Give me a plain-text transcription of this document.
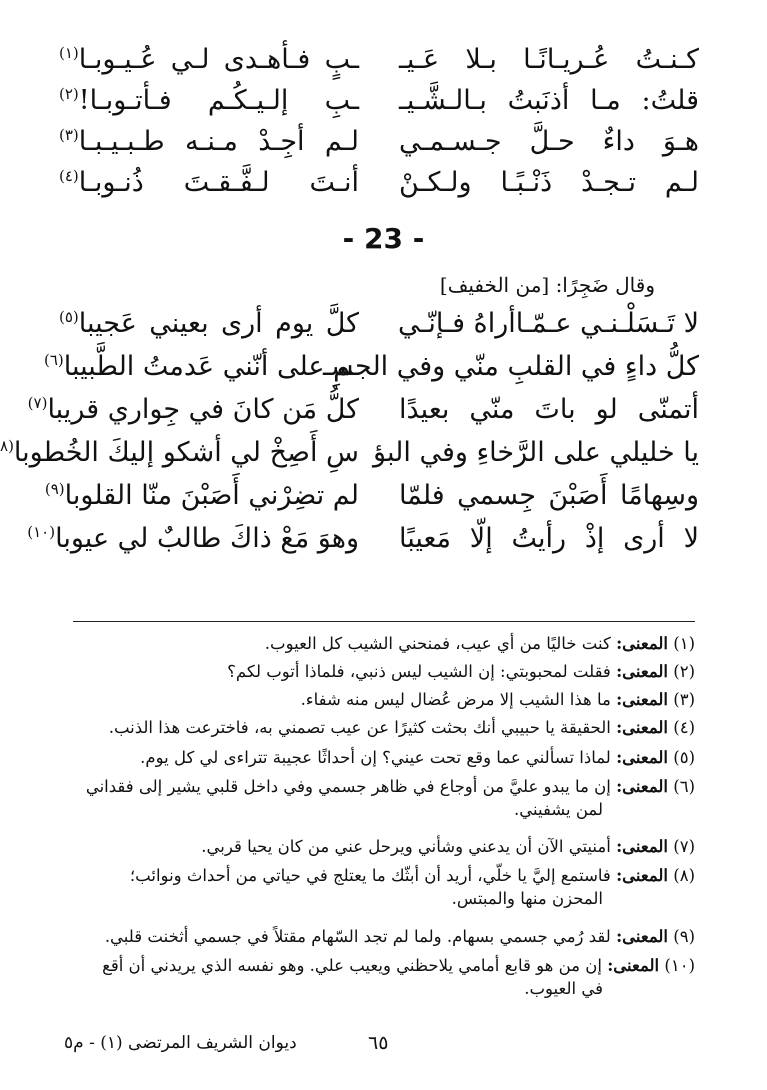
كـنـتُ عُـريـانًـا بـلا عَـيـ
ـبٍ فـأهـدى لـي عُـيـوبـا$^{(١)}$
قلتُ: مـا أذنَبتُ بـالـشَّـيـ
ـبِ إلـيـكُـم فـأتـوبـا!$^{(٢)}$
هـوَ داءٌ حـلَّ جـسـمـي
لـم أجِـدْ مـنـه طـبـيـبـا$^{(٣)}$
لـم تـجـدْ ذَنْـبًـا ولـكـنْ
أنـتَ لـفَّـقـتَ ذُنـوبـا$^{(٤)}$
- 23 -
وقال ضَجِرًا: [من الخفيف]
لا تَـسَلْـنـي عـمّـاأراهُ فـإنّـي
كلَّ يوم أرى بعيني عَجيبا$^{(٥)}$
كلُّ داءٍ في القلبِ منّي وفي الجسـ
ـمِ على أنّني عَدمتُ الطَّبيبا$^{(٦)}$
أتمنّى لو باتَ منّي بعيدًا
كلُّ مَن كانَ في جِواري قريبا$^{(٧)}$
يا خليلي على الرَّخاءِ وفي البؤ
سِ أَصِخْ لي أشكو إليكَ الخُطوبا$^{(٨}$
وسِهامًا أَصَبْنَ جِسمي فلمّا
لم تضِرْني أَصَبْنَ منّا القلوبا$^{(٩)}$
لا أرى إذْ رأيتُ إلّا مَعيبًا
وهوَ مَعْ ذاكَ طالبٌ لي عيوبا$^{(١٠)}$
(١) المعنى: كنت خاليًا من أي عيب، فمنحني الشيب كل العيوب.
(٢) المعنى: فقلت لمحبوبتي: إن الشيب ليس ذنبي، فلماذا أتوب لكم؟
(٣) المعنى: ما هذا الشيب إلا مرض عُضال ليس منه شفاء.
(٤) المعنى: الحقيقة يا حبيبي أنك بحثت كثيرًا عن عيب تصمني به، فاخترعت هذا الذنب.
(٥) المعنى: لماذا تسألني عما وقع تحت عيني؟ إن أحداثًا عجيبة تتراءى لي كل يوم.
(٦) المعنى: إن ما يبدو عليَّ من أوجاع في ظاهر جسمي وفي داخل قلبي يشير إلى فقداني
لمن يشفيني.
(٧) المعنى: أمنيتي الآن أن يدعني وشأني ويرحل عني من كان يحيا قربي.
(٨) المعنى: فاستمع إليَّ يا خلّي، أريد أن أبثّك ما يعتلج في حياتي من أحداث ونوائب؛
المحزن منها والمبتس.
(٩) المعنى: لقد رُمي جسمي بسهام. ولما لم تجد السّهام مقتلاً في جسمي أثخنت قلبي.
(١٠) المعنى: إن من هو قابع أمامي يلاحظني ويعيب علي. وهو نفسه الذي يريدني أن أقع
في العيوب.
٦٥
ديوان الشريف المرتضى (١) - م٥
